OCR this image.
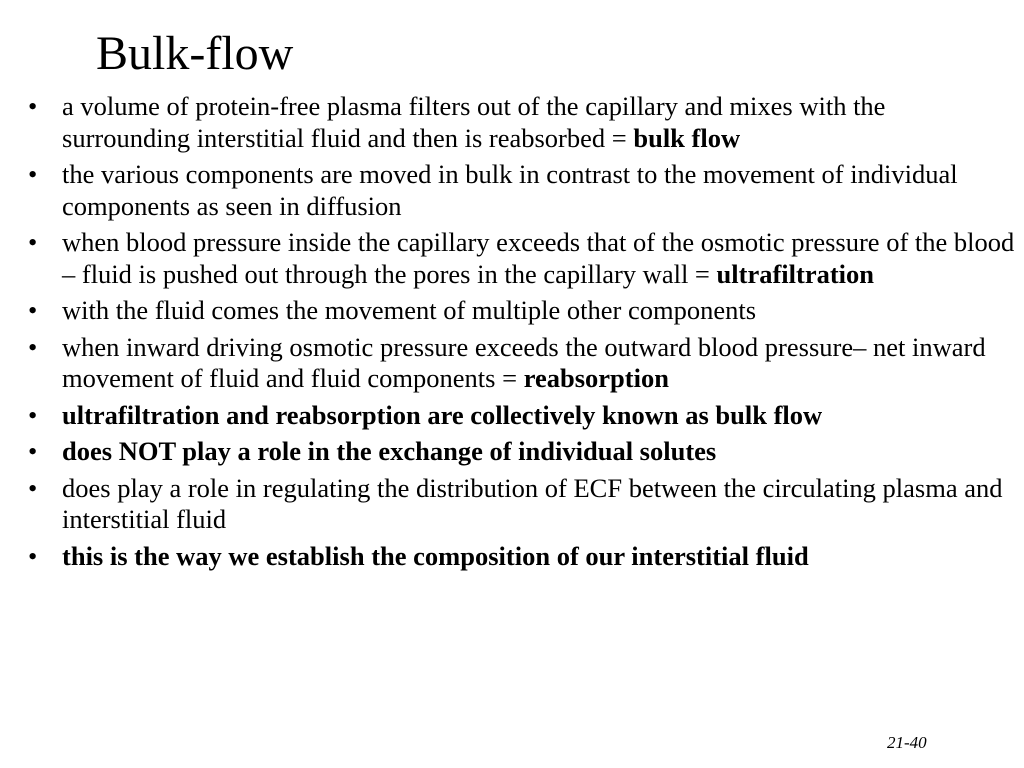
Bulk-flow
• a volume of protein-free plasma filters out of the capillary and mixes with the surrounding interstitial fluid and then is reabsorbed = bulk flow
• the various components are moved in bulk in contrast to the movement of individual components as seen in diffusion
• when blood pressure inside the capillary exceeds that of the osmotic pressure of the blood – fluid is pushed out through the pores in the capillary wall = ultrafiltration
• with the fluid comes the movement of multiple other components
• when inward driving osmotic pressure exceeds the outward blood pressure– net inward movement of fluid and fluid components = reabsorption
• ultrafiltration and reabsorption are collectively known as bulk flow
• does NOT play a role in the exchange of individual solutes
• does play a role in regulating the distribution of ECF between the circulating plasma and interstitial fluid
• this is the way we establish the composition of our interstitial fluid
21-40
